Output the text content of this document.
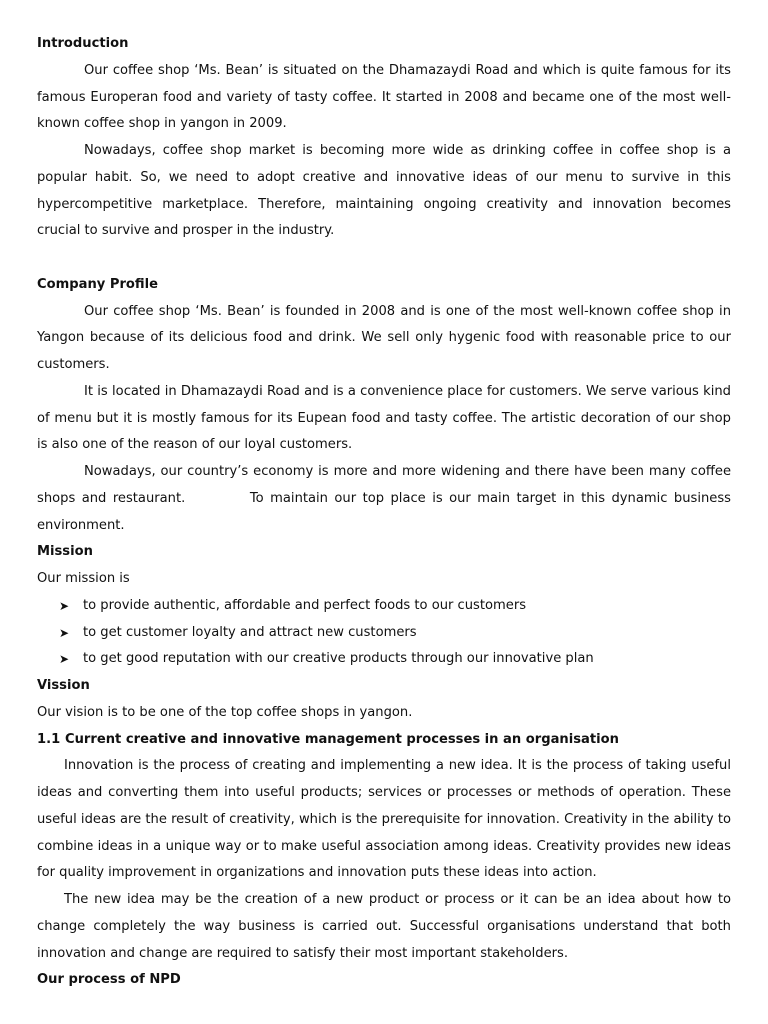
Introduction

Our coffee shop ‘Ms. Bean’ is situated on the Dhamazaydi Road and which is quite famous for its famous Europeran food and variety of tasty coffee. It started in 2008 and became one of the most well-known coffee shop in yangon in 2009.

Nowadays, coffee shop market is becoming more wide as drinking coffee in coffee shop is a popular habit. So, we need to adopt creative and innovative ideas of our menu to survive in this hypercompetitive marketplace. Therefore, maintaining ongoing creativity and innovation becomes crucial to survive and prosper in the industry.

Company Profile

Our coffee shop ‘Ms. Bean’ is founded in 2008 and is one of the most well-known coffee shop in Yangon because of its delicious food and drink. We sell only hygenic food with reasonable price to our customers.

It is located in Dhamazaydi Road and is a convenience place for customers. We serve various kind of menu but it is mostly famous for its Eupean food and tasty coffee. The artistic decoration of our shop is also one of the reason of our loyal customers.

Nowadays, our country’s economy is more and more widening and there have been many coffee shops and restaurant.          To maintain our top place is our main target in this dynamic business environment.

Mission
Our mission is
➤ to provide authentic, affordable and perfect foods to our customers
➤ to get customer loyalty and attract new customers
➤ to get good reputation with our creative products through our innovative plan
Vission
Our vision is to be one of the top coffee shops in yangon.
1.1 Current creative and innovative management processes in an organisation

Innovation is the process of creating and implementing a new idea. It is the process of taking useful ideas and converting them into useful products; services or processes or methods of operation. These useful ideas are the result of creativity, which is the prerequisite for innovation. Creativity in the ability to combine ideas in a unique way or to make useful association among ideas. Creativity provides new ideas for quality improvement in organizations and innovation puts these ideas into action.

The new idea may be the creation of a new product or process or it can be an idea about how to change completely the way business is carried out. Successful organisations understand that both innovation and change are required to satisfy their most important stakeholders.

Our process of NPD
